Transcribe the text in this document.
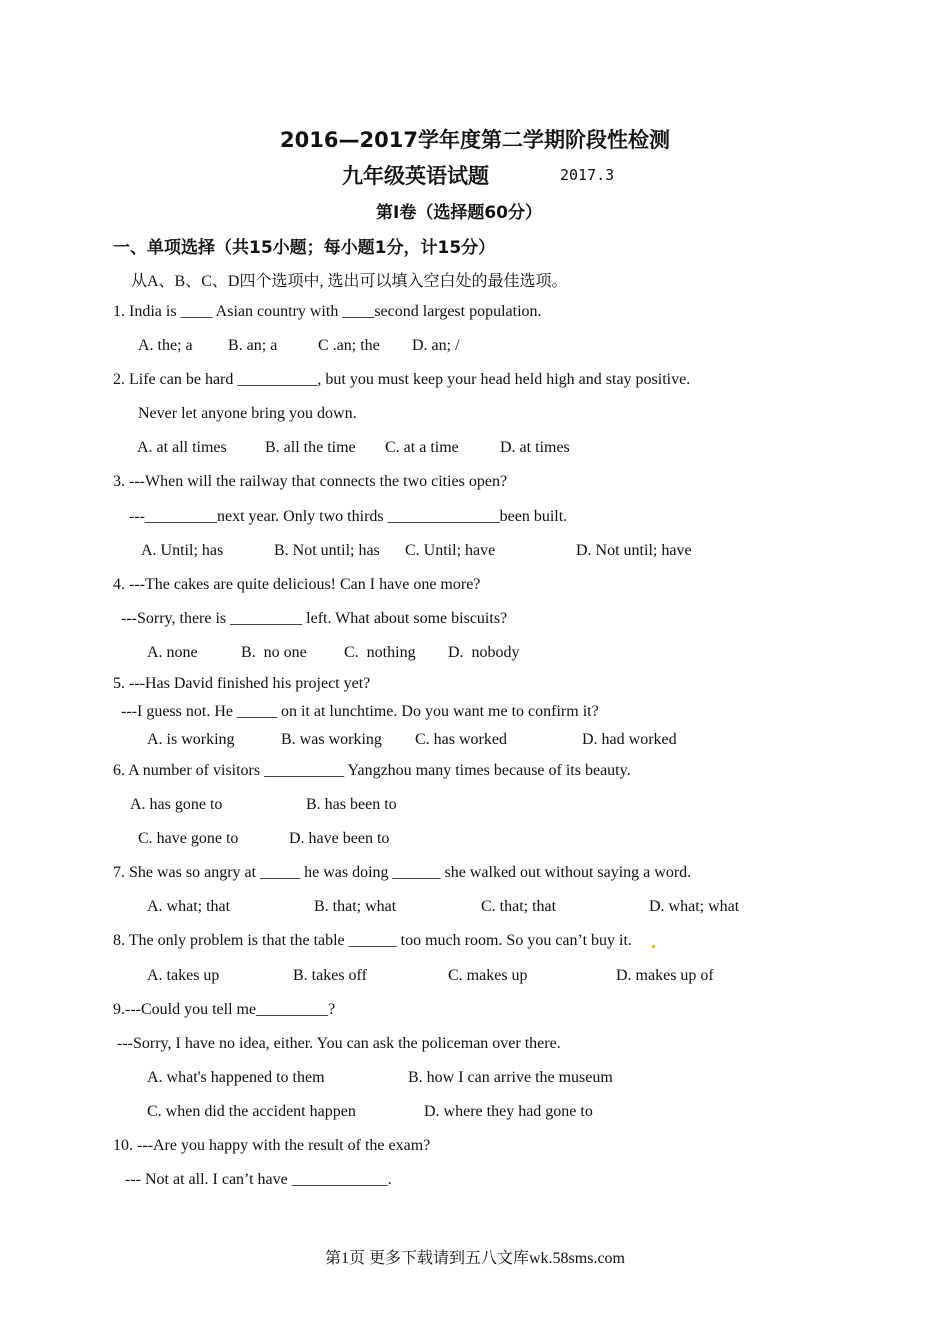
2016—2017学年度第二学期阶段性检测
九年级英语试题	2017.3
第Ⅰ卷（选择题60分）
一、单项选择（共15小题；每小题1分，计15分）
从A、B、C、D四个选项中, 选出可以填入空白处的最佳选项。
1. India is ____ Asian country with ____second largest population.
A. the; a B. an; a	C .an; the D. an; /
2. Life can be hard __________, but you must keep your head held high and stay positive.
Never let anyone bring you down.
A. at all times B. all the time C. at a time	D. at times
3. ---When will the railway that connects the two cities open?
---_________next year. Only two thirds ______________been built.
A. Until; has	B. Not until; has C. Until; have	D. Not until; have
4. ---The cakes are quite delicious! Can I have one more?
---Sorry, there is _________ left. What about some biscuits?
A. none	B.  no one C.  nothing D.  nobody
5. ---Has David finished his project yet?
---I guess not. He _____ on it at lunchtime. Do you want me to confirm it?
A. is working	B. was working C. has worked	D. had worked
6. A number of visitors __________ Yangzhou many times because of its beauty.
A. has gone to	B. has been to
C. have gone to	D. have been to
7. She was so angry at _____ he was doing ______ she walked out without saying a word.
A. what; that	B. that; what	C. that; that	D. what; what
8. The only problem is that the table ______ too much room. So you can’t buy it.
A. takes up	B. takes off	C. makes up	D. makes up of
9.---Could you tell me_________?
---Sorry, I have no idea, either. You can ask the policeman over there.
A. what's happened to them	B. how I can arrive the museum
C. when did the accident happen	D. where they had gone to
10. ---Are you happy with the result of the exam?
--- Not at all. I can’t have ____________.
第1页 更多下载请到五八文库wk.58sms.com
